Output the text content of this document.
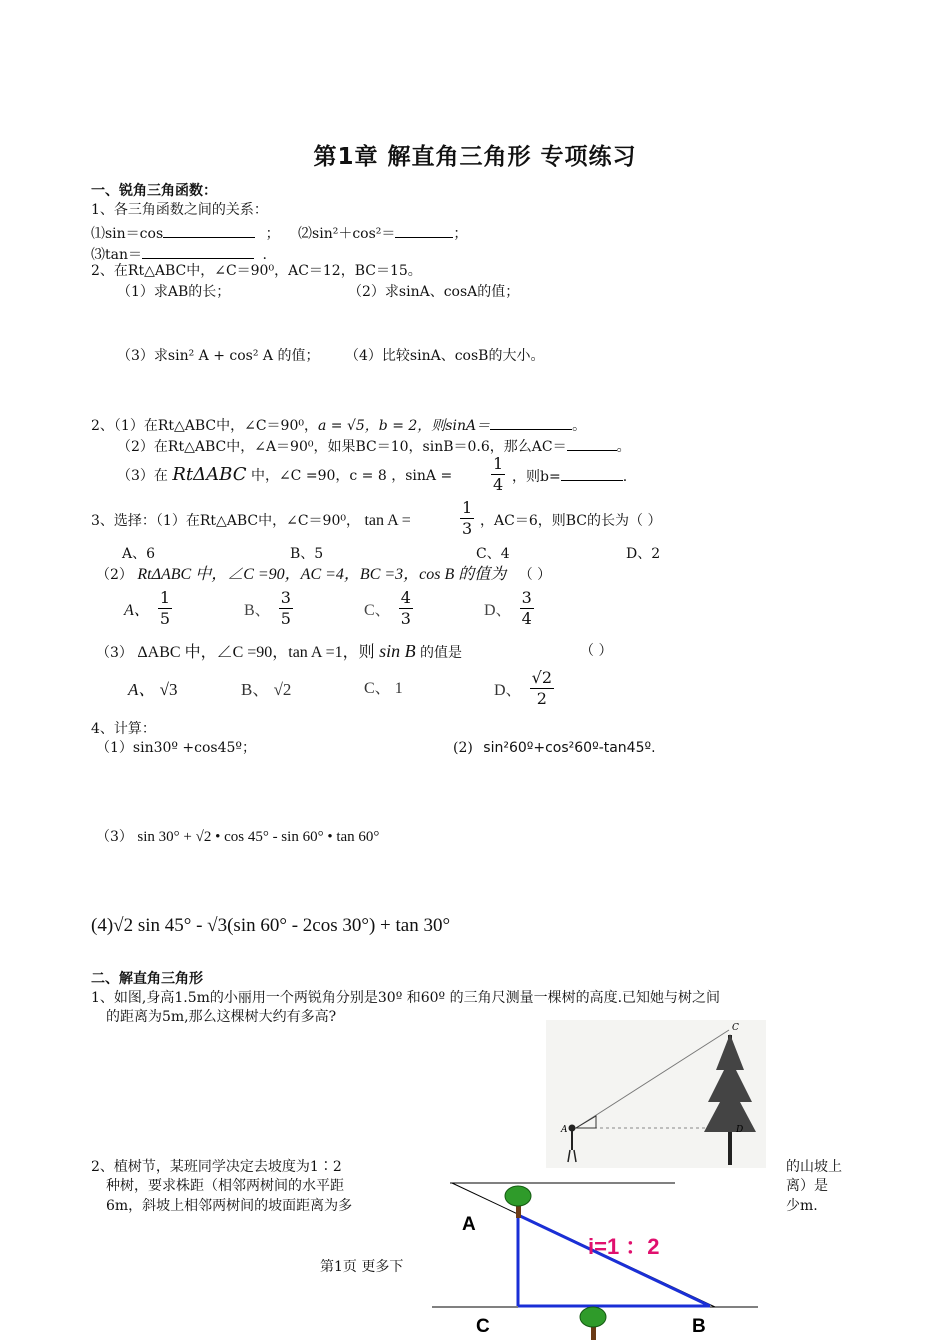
第1章 解直角三角形 专项练习
一、锐角三角函数：
1、各三角函数之间的关系：
⑴sin＝cos	； ⑵sin²＋cos²＝	；
⑶tan＝	.
2、在Rt△ABC中，∠C＝90⁰，AC＝12，BC＝15。
（1）求AB的长；	（2）求sinA、cosA的值；
（3）求sin² A + cos² A 的值； （4）比较sinA、cosB的大小。
2、（1）在Rt△ABC中，∠C＝90⁰，a = √5，b = 2，则sinA＝	。
（2）在Rt△ABC中，∠A＝90⁰，如果BC＝10，sinB＝0.6，那么AC＝	。
（3）在 RtΔABC 中，∠C =90，c = 8 ，$\sin A = \frac{1}{4}$ ，则b=	.
3、选择：（1）在Rt△ABC中，∠C＝90⁰， tan A =	$\frac{1}{3}$ ，AC＝6，则BC的长为（ ）
A、6	B、5	C、4	D、2
（2） RtΔABC 中，∠C =90，AC =4，BC =3，cos B 的值为 （ ）
A、 $\frac{1}{5}$	B、 $\frac{3}{5}$	C、 $\frac{4}{3}$	D、 $\frac{3}{4}$
（3） ΔABC 中，∠C =90，tan A =1，则 sin B 的值是	（ ）
A、 √3	B、 √2	C、 1	D、 $\frac{√2}{2}$
4、计算：
（1）sin30º +cos45º；	(2) sin²60º+cos²60º-tan45º.
（3） sin 30° + √2 • cos 45° - sin 60° • tan 60°
(4)√2 sin 45° - √3(sin 60° - 2cos 30°) + tan 30°
二、解直角三角形
1、如图,身高1.5m的小丽用一个两锐角分别是30º 和60º 的三角尺测量一棵树的高度.已知她与树之间
的距离为5m,那么这棵树大约有多高?
A
C
D
2、植树节，某班同学决定去坡度为1∶2
种树，要求株距（相邻两树间的水平距
6m，斜坡上相邻两树间的坡面距离为多
的山坡上
离）是
少m.
A
C	B
i=1 ：2
第1页 更多下
